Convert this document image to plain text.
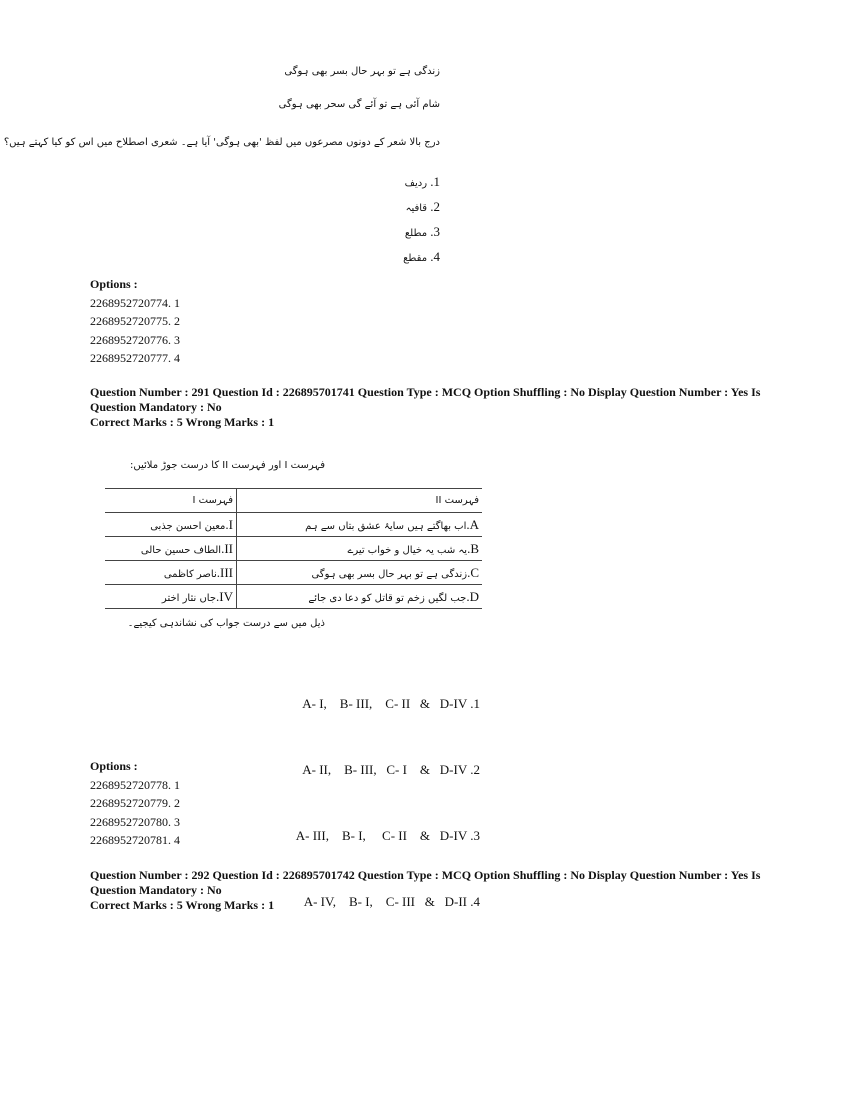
زندگی ہے تو بہر حال بسر بھی ہوگی
شام آئی ہے تو آئے گی سحر بھی ہوگی
درج بالا شعر کے دونوں مصرعوں میں لفظ 'بھی ہوگی' آیا ہے۔ شعری اصطلاح میں اس کو کیا کہتے ہیں؟
1. ردیف
2. قافیہ
3. مطلع
4. مقطع
Options :
2268952720774. 1
2268952720775. 2
2268952720776. 3
2268952720777. 4
Question Number : 291 Question Id : 226895701741 Question Type : MCQ Option Shuffling : No Display Question Number : Yes Is Question Mandatory : No
Correct Marks : 5 Wrong Marks : 1
فہرست I اور فہرست II کا درست جوڑ ملائیں:
فہرست II	فہرست I
A.اب بھاگتے ہیں سایۂ عشق بتاں سے ہم	I.معین احسن جذبی
B.یہ شب یہ خیال و خواب تیرے	II.الطاف حسین حالی
C.زندگی ہے تو بہر حال بسر بھی ہوگی	III.ناصر کاظمی
D.جب لگیں زخم تو قاتل کو دعا دی جائے	IV.جاں نثار اختر
ذیل میں سے درست جواب کی نشاندہی کیجیے۔

A- I,    B- III,    C- II   &   D-IV .1

A- II,    B- III,   C- I    &   D-IV .2

A- III,    B- I,     C- II    &   D-IV .3

A- IV,    B- I,    C- III   &   D-II .4

Options :
2268952720778. 1
2268952720779. 2
2268952720780. 3
2268952720781. 4
Question Number : 292 Question Id : 226895701742 Question Type : MCQ Option Shuffling : No Display Question Number : Yes Is Question Mandatory : No
Correct Marks : 5 Wrong Marks : 1
